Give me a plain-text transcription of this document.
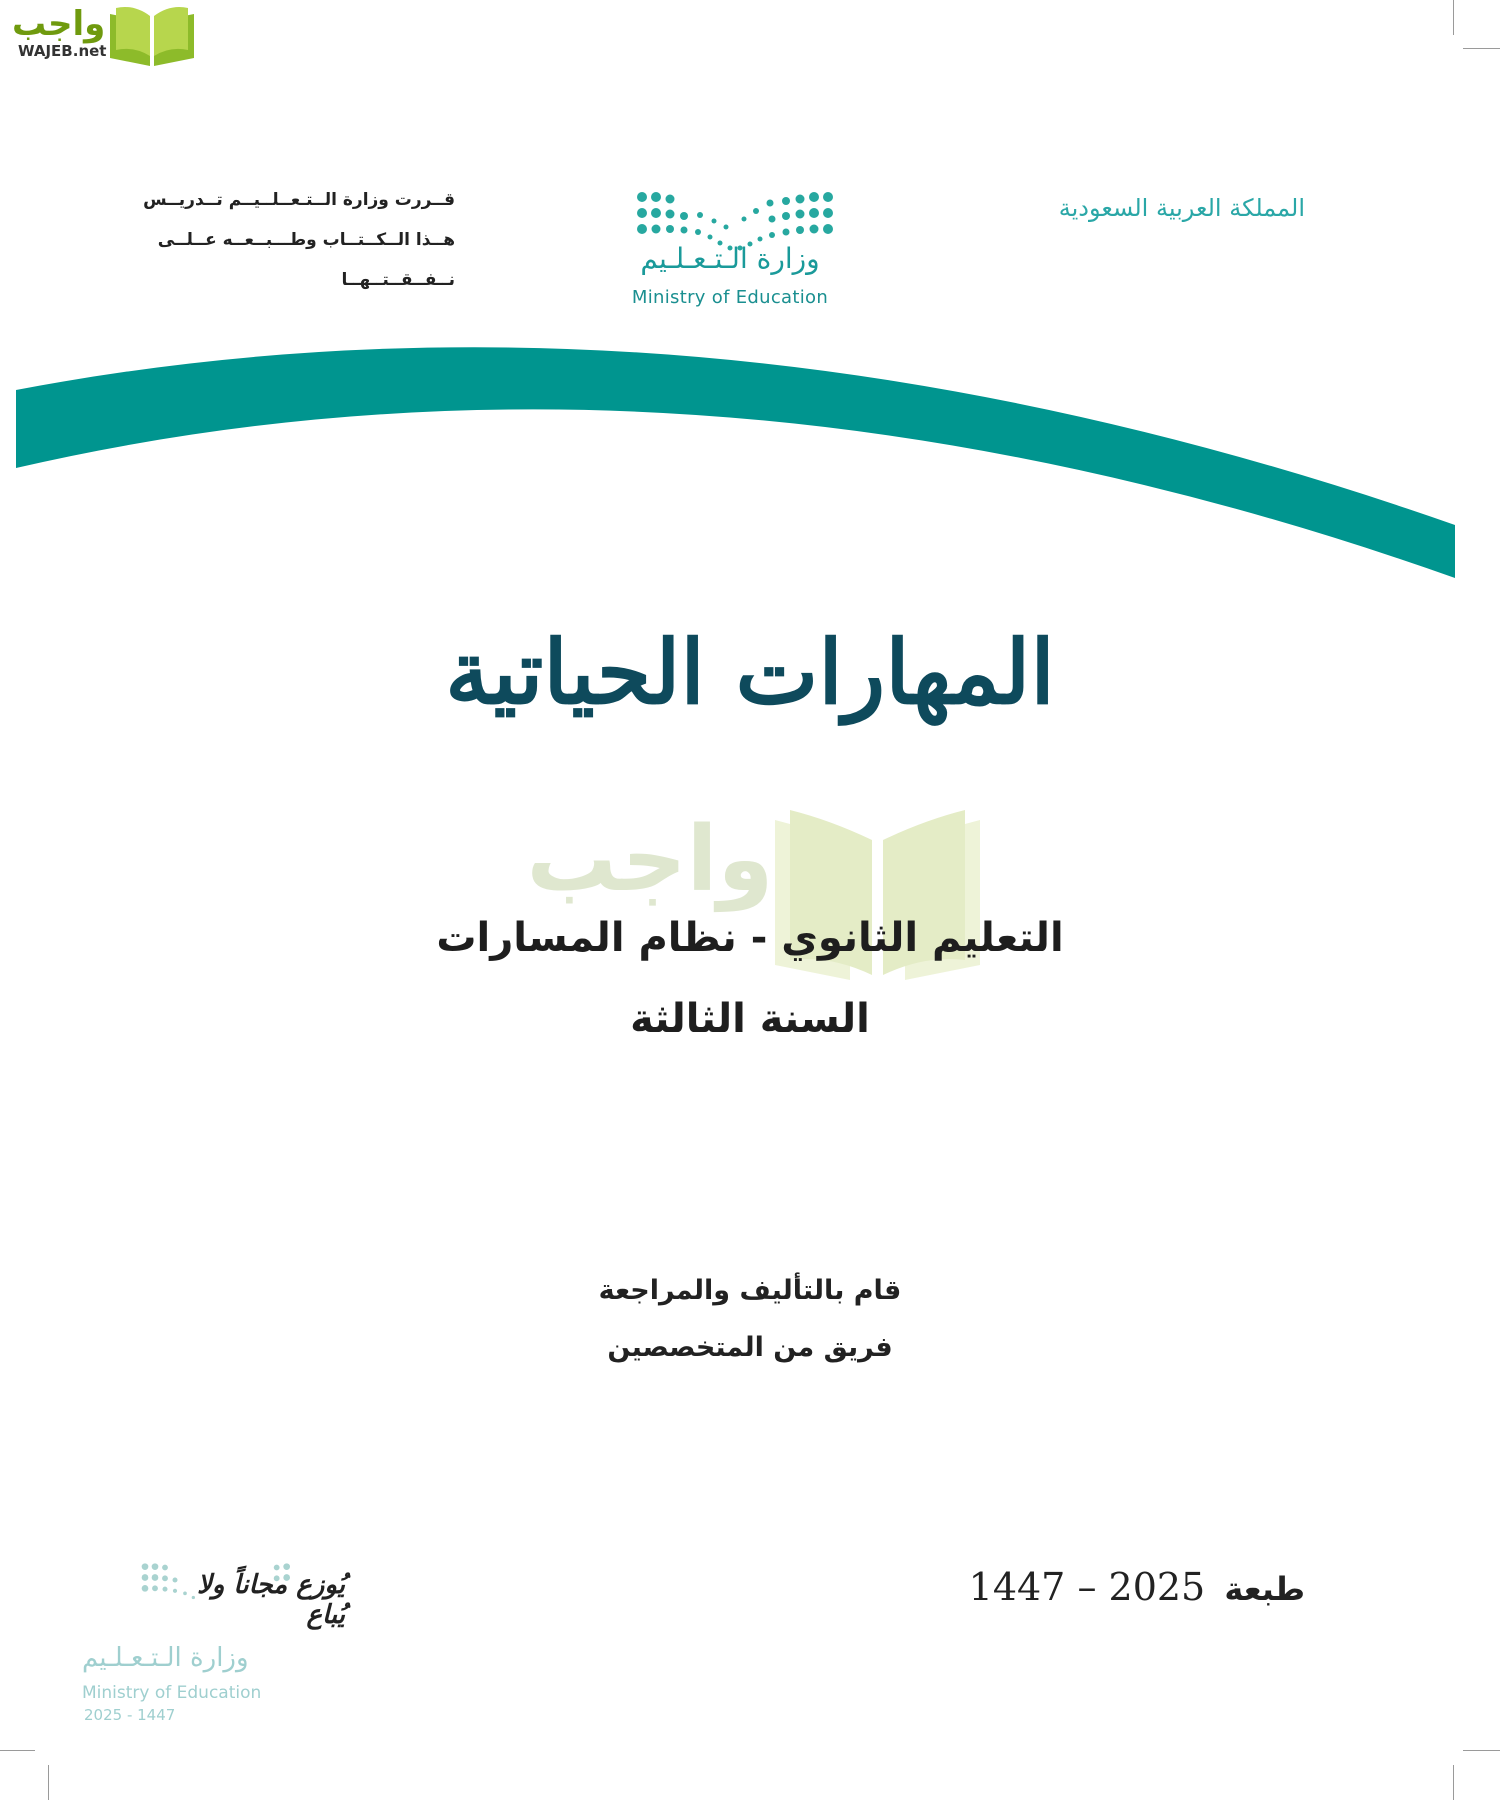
واجب
WAJEB.net
قــررت وزارة الــتـعــلــيــم تــدريــس
هــذا الــكــتــاب وطـــبــعــه عــلــى نــفــقــتــهــا
وزارة الـتـعـلـيم
Ministry of Education
المملكة العربية السعودية
المهارات الحياتية
واجب
التعليم الثانوي - نظام المسارات
السنة الثالثة
قام بالتأليف والمراجعة
فريق من المتخصصين
طبعة 1447 – 2025
يُوزع مجاناً ولا يُباع
وزارة الـتـعـلـيم
Ministry of Education
2025 - 1447
